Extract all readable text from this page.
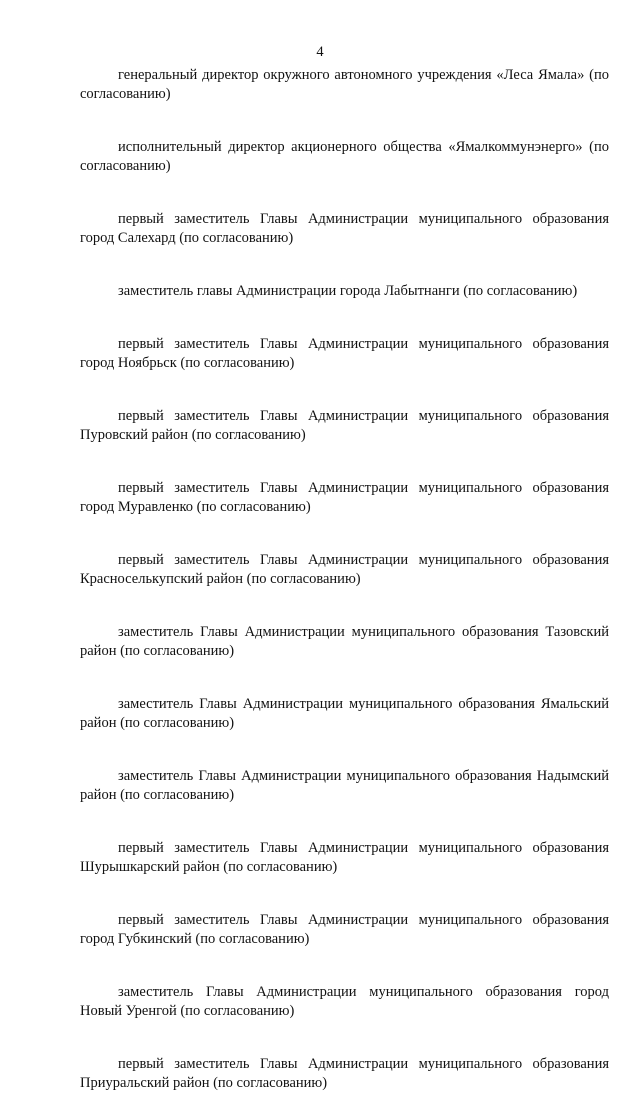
4

генеральный директор окружного автономного учреждения «Леса Ямала» (по согласованию)

исполнительный директор акционерного общества «Ямалкоммунэнерго» (по согласованию)

первый заместитель Главы Администрации муниципального образования город Салехард (по согласованию)

заместитель главы Администрации города Лабытнанги (по согласованию)

первый заместитель Главы Администрации муниципального образования город Ноябрьск (по согласованию)

первый заместитель Главы Администрации муниципального образования Пуровский район (по согласованию)

первый заместитель Главы Администрации муниципального образования город Муравленко (по согласованию)

первый заместитель Главы Администрации муниципального образования Красноселькупский район (по согласованию)

заместитель Главы Администрации муниципального образования Тазовский район (по согласованию)

заместитель Главы Администрации муниципального образования Ямальский район (по согласованию)

заместитель Главы Администрации муниципального образования Надымский район (по согласованию)

первый заместитель Главы Администрации муниципального образования Шурышкарский район (по согласованию)

первый заместитель Главы Администрации муниципального образования город Губкинский (по согласованию)

заместитель Главы Администрации муниципального образования город Новый Уренгой (по согласованию)

первый заместитель Главы Администрации муниципального образования Приуральский район (по согласованию)
